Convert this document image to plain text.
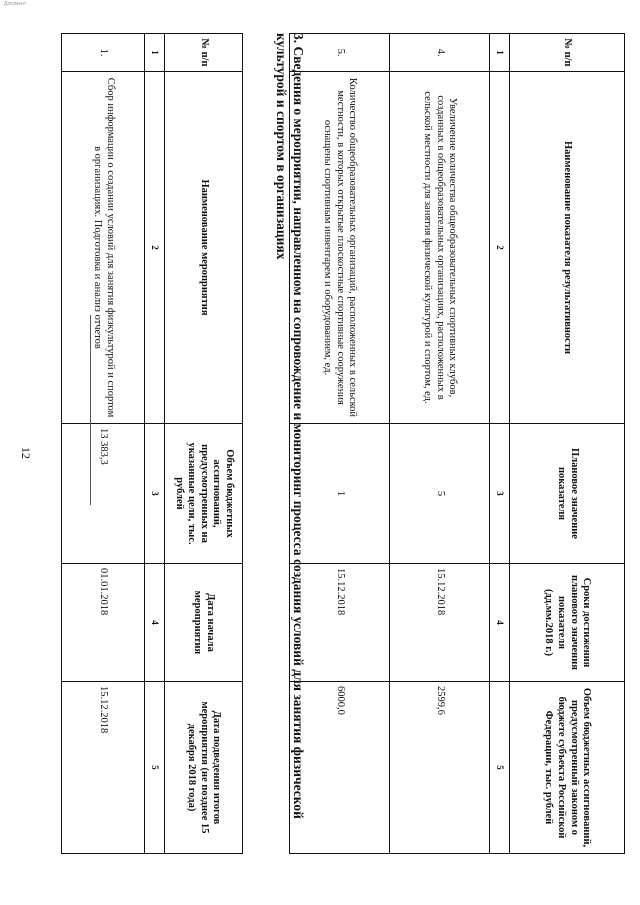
Документ
12
№ п/п	Наименование показателя результативности	Плановое значение показателя	Сроки достижения планового значения показателя (дд.мм.2018 г.)	Объем бюджетных ассигнований, предусмотренный законом о бюджете субъекта Российской Федерации, тыс. рублей
1	2	3	4	5
4.	Увеличение количества общеобразовательных спортивных клубов, созданных в общеобразовательных организациях, расположенных в сельской местности для занятия физической культурой и спортом, ед.	5	15.12.2018	2599,6
5.	Количество общеобразовательных организаций, расположенных в сельской местности, в которых открытые плоскостные спортивные сооружения оснащены спортивным инвентарем и оборудованием, ед.	1	15.12.2018	6000,0
3. Сведения о мероприятии, направленном на сопровождение и мониторинг процесса создания условий для занятия физической культурой и спортом в организациях
№ п/п	Наименование мероприятия	Объем бюджетных ассигнований, предусмотренных на указанные цели, тыс. рублей	Дата начала мероприятия	Дата подведения итогов мероприятия (не позднее 15 декабря 2018 года)
1	2	3	4	5
1.	Сбор информации о создании условий для занятия физкультурой и спортом в организациях. Подготовка и анализ отчетов	13 383,3	01.01.2018	15.12.2018
